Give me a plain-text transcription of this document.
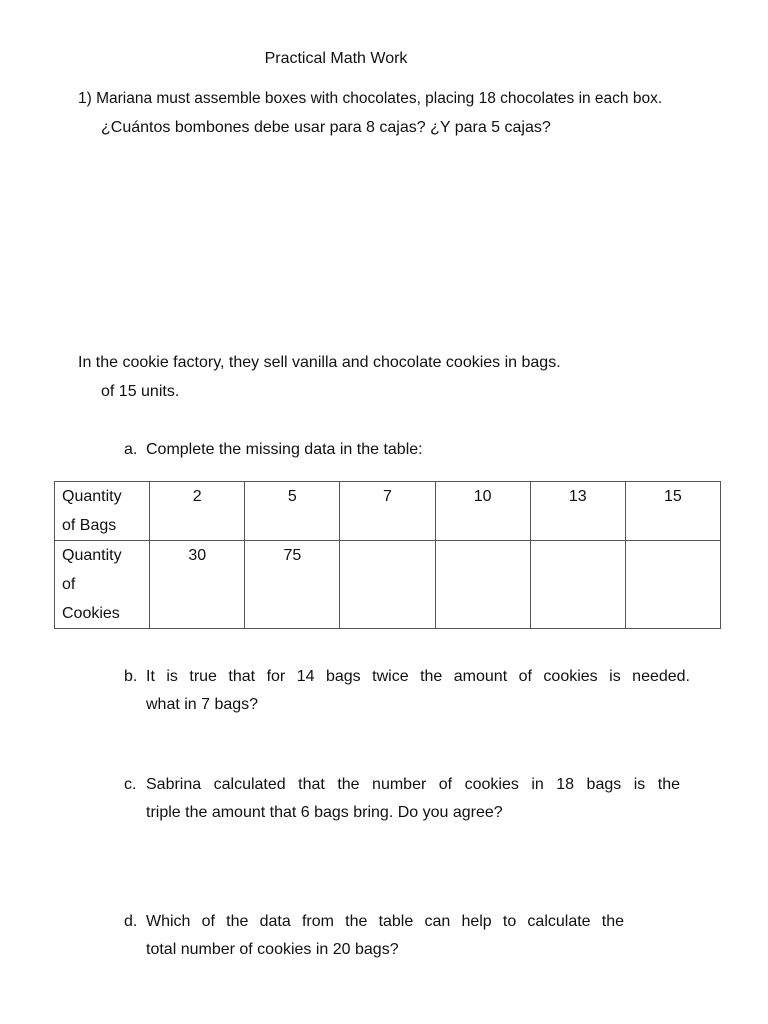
Practical Math Work
1) Mariana must assemble boxes with chocolates, placing 18 chocolates in each box.
¿Cuántos bombones debe usar para 8 cajas? ¿Y para 5 cajas?
In the cookie factory, they sell vanilla and chocolate cookies in bags.
of 15 units.
a. Complete the missing data in the table:
Quantity
of Bags	2	5	7	10	13	15

Quantity
of
Cookies	30	75				
b. It is true that for 14 bags twice the amount of cookies is needed.
what in 7 bags?
c. Sabrina calculated that the number of cookies in 18 bags is the
triple the amount that 6 bags bring. Do you agree?
d. Which of the data from the table can help to calculate the
total number of cookies in 20 bags?
